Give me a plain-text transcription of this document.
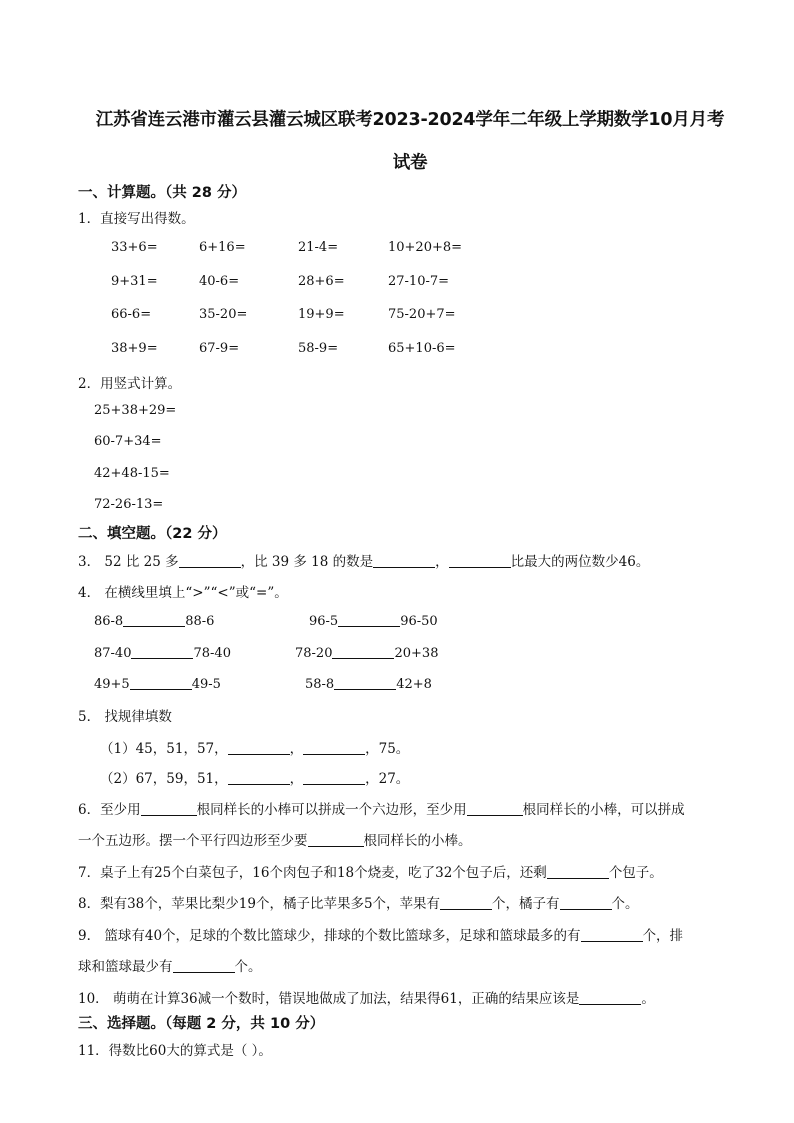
江苏省连云港市灌云县灌云城区联考2023-2024学年二年级上学期数学10月月考
试卷
一、计算题。（共 28 分）
1．直接写出得数。
33+6=	6+16=	21-4=	10+20+8=
9+31=	40-6=	28+6=	27-10-7=
66-6=	35-20=	19+9=	75-20+7=
38+9=	67-9=	58-9=	65+10-6=
2．用竖式计算。
25+38+29=
60-7+34=
42+48-15=
72-26-13=
二、填空题。（22 分）
3． 52 比 25 多	，比 39 多 18 的数是	，	比最大的两位数少46。
4． 在横线里填上“>”“<”或“=”。
86-8	88-6	96-5	96-50
87-40	78-40	78-20	20+38
49+5	49-5	58-8	42+8
5． 找规律填数
（1）45，51，57，	，	，75。
（2）67，59，51，	，	，27。
6．至少用	根同样长的小棒可以拼成一个六边形，至少用	根同样长的小棒，可以拼成
一个五边形。摆一个平行四边形至少要	根同样长的小棒。
7．桌子上有25个白菜包子，16个肉包子和18个烧麦，吃了32个包子后，还剩	个包子。
8．梨有38个，苹果比梨少19个，橘子比苹果多5个，苹果有	个，橘子有	个。
9． 篮球有40个，足球的个数比篮球少，排球的个数比篮球多，足球和篮球最多的有	个，排
球和篮球最少有	个。
10． 萌萌在计算36减一个数时，错误地做成了加法，结果得61，正确的结果应该是	。
三、选择题。（每题 2 分，共 10 分）
11．得数比60大的算式是（ ）。
